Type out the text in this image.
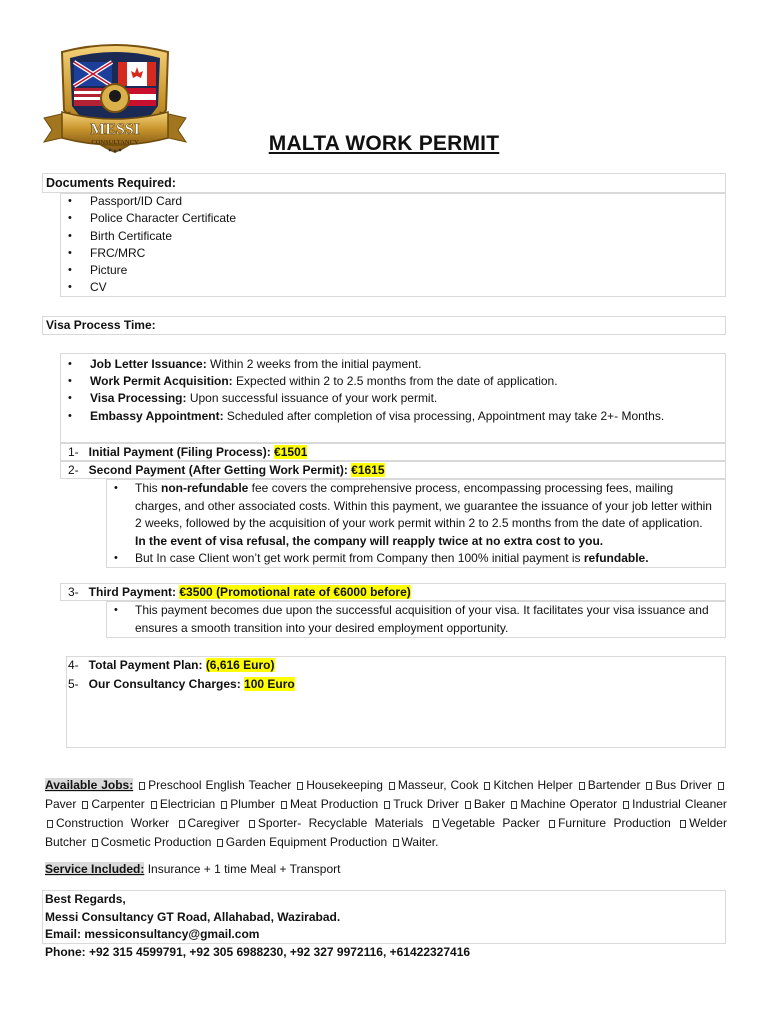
MESSI
CONSULTANCY	MALTA WORK PERMIT
Documents Required:
• Passport/ID Card
• Police Character Certificate
• Birth Certificate
• FRC/MRC
• Picture
• CV
Visa Process Time:
• Job Letter Issuance: Within 2 weeks from the initial payment.
• Work Permit Acquisition: Expected within 2 to 2.5 months from the date of application.
• Visa Processing: Upon successful issuance of your work permit.
• Embassy Appointment: Scheduled after completion of visa processing, Appointment may take 2+- Months.
1- Initial Payment (Filing Process): €1501
2- Second Payment (After Getting Work Permit): €1615
• This non-refundable fee covers the comprehensive process, encompassing processing fees, mailing charges, and other associated costs. Within this payment, we guarantee the issuance of your job letter within 2 weeks, followed by the acquisition of your work permit within 2 to 2.5 months from the date of application. In the event of visa refusal, the company will reapply twice at no extra cost to you.
• But In case Client won’t get work permit from Company then 100% initial payment is refundable.
3- Third Payment: €3500 (Promotional rate of €6000 before)
• This payment becomes due upon the successful acquisition of your visa. It facilitates your visa issuance and ensures a smooth transition into your desired employment opportunity.
4- Total Payment Plan: (6,616 Euro)
5- Our Consultancy Charges: 100 Euro
Available Jobs: Preschool English Teacher Housekeeping Masseur, Cook Kitchen Helper Bartender Bus Driver Paver Carpenter Electrician Plumber Meat Production Truck Driver Baker Machine Operator Industrial Cleaner Construction Worker Caregiver Sporter- Recyclable Materials Vegetable Packer Furniture Production Welder Butcher Cosmetic Production Garden Equipment Production Waiter.
Service Included: Insurance + 1 time Meal + Transport
Best Regards,
Messi Consultancy GT Road, Allahabad, Wazirabad.
Email: messiconsultancy@gmail.com
Phone: +92 315 4599791, +92 305 6988230, +92 327 9972116, +61422327416
